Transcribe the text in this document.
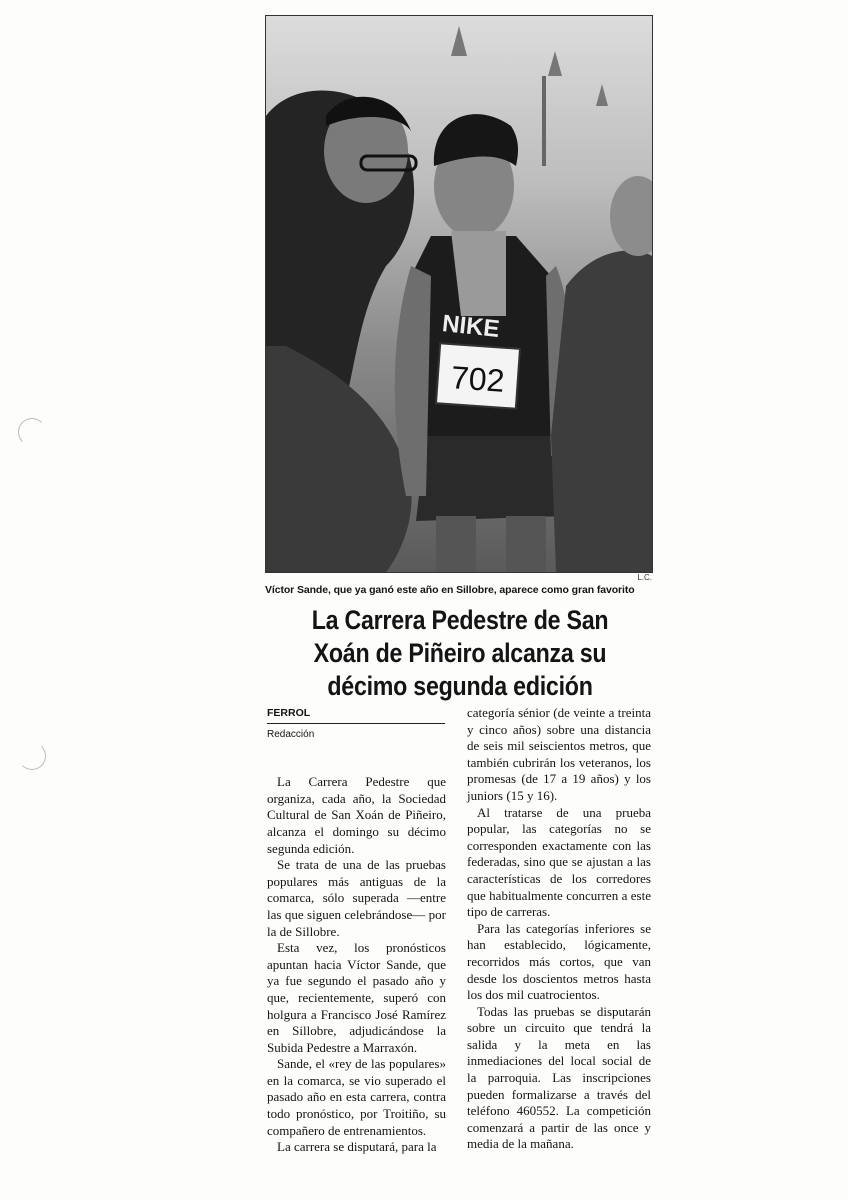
NIKE
702
L.C.
Víctor Sande, que ya ganó este año en Sillobre, aparece como gran favorito
La Carrera Pedestre de San
Xoán de Piñeiro alcanza su
décimo segunda edición
FERROL
Redacción

La Carrera Pedestre que organiza, cada año, la Sociedad Cultural de San Xoán de Piñeiro, alcanza el domingo su décimo segunda edición.

Se trata de una de las pruebas populares más antiguas de la comarca, sólo superada —entre las que siguen celebrándose— por la de Sillobre.

Esta vez, los pronósticos apuntan hacia Víctor Sande, que ya fue segundo el pasado año y que, recientemente, superó con holgura a Francisco José Ramírez en Sillobre, adjudicándose la Subida Pedestre a Marraxón.

Sande, el «rey de las populares» en la comarca, se vio superado el pasado año en esta carrera, contra todo pronóstico, por Troitiño, su compañero de entrenamientos.

La carrera se disputará, para la

categoría sénior (de veinte a treinta y cinco años) sobre una distancia de seis mil seiscientos metros, que también cubrirán los veteranos, los promesas (de 17 a 19 años) y los juniors (15 y 16).

Al tratarse de una prueba popular, las categorías no se corresponden exactamente con las federadas, sino que se ajustan a las características de los corredores que habitualmente concurren a este tipo de carreras.

Para las categorías inferiores se han establecido, lógicamente, recorridos más cortos, que van desde los doscientos metros hasta los dos mil cuatrocientos.

Todas las pruebas se disputarán sobre un circuito que tendrá la salida y la meta en las inmediaciones del local social de la parroquia. Las inscripciones pueden formalizarse a través del teléfono 460552. La competición comenzará a partir de las once y media de la mañana.
